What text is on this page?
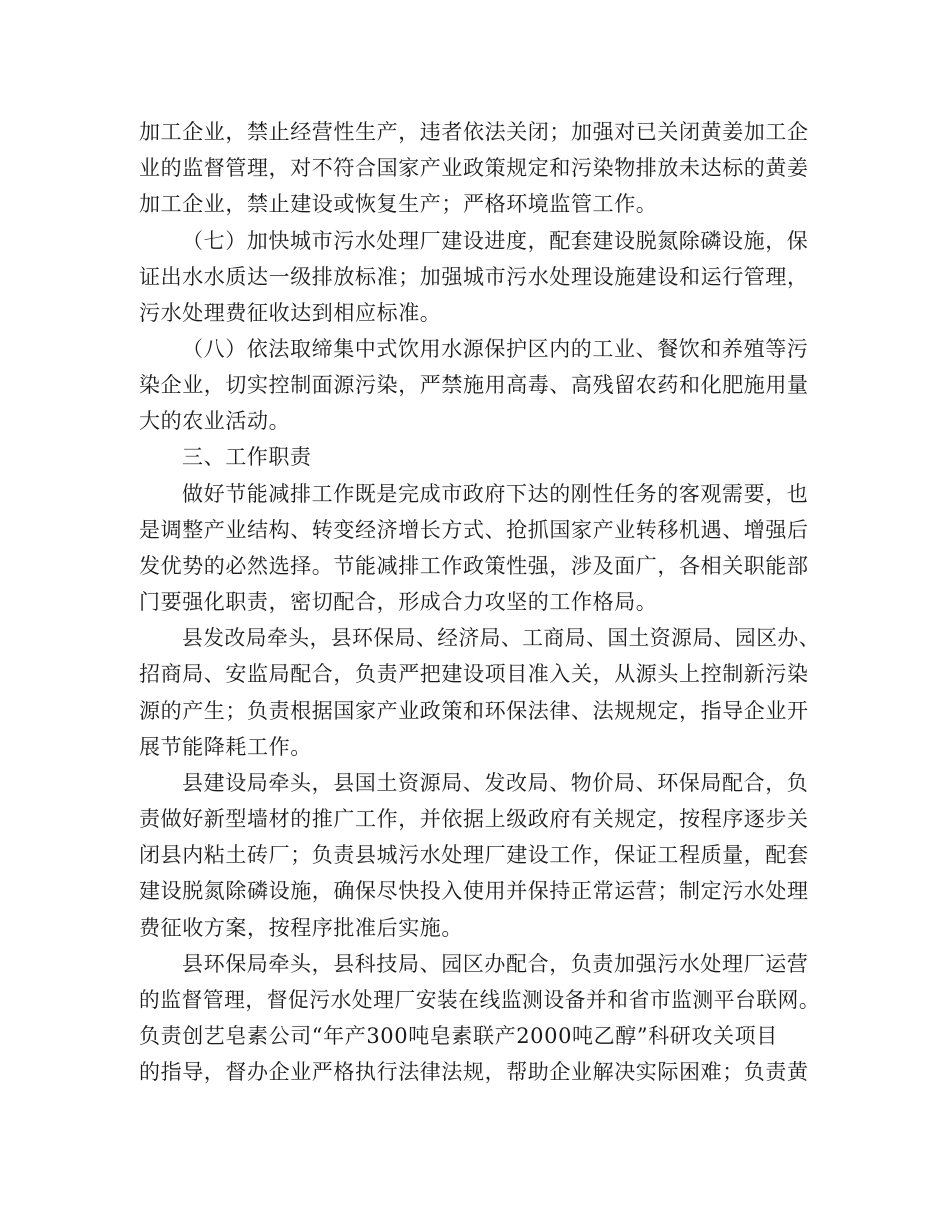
加工企业，禁止经营性生产，违者依法关闭；加强对已关闭黄姜加工企
业的监督管理，对不符合国家产业政策规定和污染物排放未达标的黄姜
加工企业，禁止建设或恢复生产；严格环境监管工作。
（七）加快城市污水处理厂建设进度，配套建设脱氮除磷设施，保
证出水水质达一级排放标准；加强城市污水处理设施建设和运行管理，
污水处理费征收达到相应标准。
（八）依法取缔集中式饮用水源保护区内的工业、餐饮和养殖等污
染企业，切实控制面源污染，严禁施用高毒、高残留农药和化肥施用量
大的农业活动。
三、工作职责
做好节能减排工作既是完成市政府下达的刚性任务的客观需要，也
是调整产业结构、转变经济增长方式、抢抓国家产业转移机遇、增强后
发优势的必然选择。节能减排工作政策性强，涉及面广，各相关职能部
门要强化职责，密切配合，形成合力攻坚的工作格局。
县发改局牵头，县环保局、经济局、工商局、国土资源局、园区办、
招商局、安监局配合，负责严把建设项目准入关，从源头上控制新污染
源的产生；负责根据国家产业政策和环保法律、法规规定，指导企业开
展节能降耗工作。
县建设局牵头，县国土资源局、发改局、物价局、环保局配合，负
责做好新型墙材的推广工作，并依据上级政府有关规定，按程序逐步关
闭县内粘土砖厂；负责县城污水处理厂建设工作，保证工程质量，配套
建设脱氮除磷设施，确保尽快投入使用并保持正常运营；制定污水处理
费征收方案，按程序批准后实施。
县环保局牵头，县科技局、园区办配合，负责加强污水处理厂运营
的监督管理，督促污水处理厂安装在线监测设备并和省市监测平台联网。
负责创艺皂素公司“年产300吨皂素联产2000吨乙醇”科研攻关项目
的指导，督办企业严格执行法律法规，帮助企业解决实际困难；负责黄
